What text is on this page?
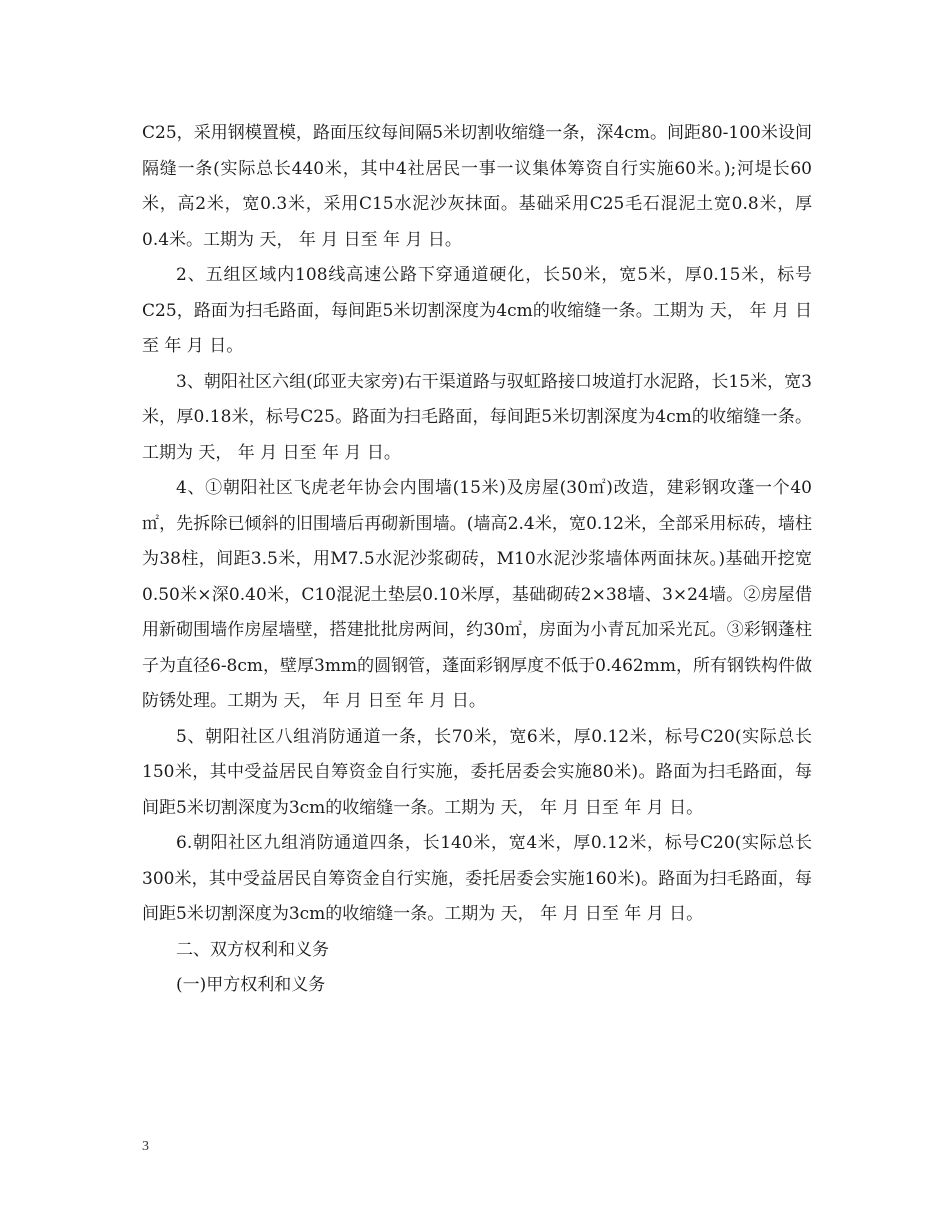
C25，采用钢模置模，路面压纹每间隔5米切割收缩缝一条，深4cm。间距80-100米设间隔缝一条(实际总长440米，其中4社居民一事一议集体筹资自行实施60米。);河堤长60米，高2米，宽0.3米，采用C15水泥沙灰抹面。基础采用C25毛石混泥土宽0.8米，厚0.4米。工期为 天， 年 月 日至 年 月 日。

2、五组区域内108线高速公路下穿通道硬化，长50米，宽5米，厚0.15米，标号C25，路面为扫毛路面，每间距5米切割深度为4cm的收缩缝一条。工期为 天， 年 月 日至 年 月 日。

3、朝阳社区六组(邱亚夫家旁)右干渠道路与驭虹路接口坡道打水泥路，长15米，宽3米，厚0.18米，标号C25。路面为扫毛路面，每间距5米切割深度为4cm的收缩缝一条。工期为 天， 年 月 日至 年 月 日。

4、①朝阳社区飞虎老年协会内围墙(15米)及房屋(30㎡)改造，建彩钢攻蓬一个40㎡，先拆除已倾斜的旧围墙后再砌新围墙。(墙高2.4米，宽0.12米，全部采用标砖，墙柱为38柱，间距3.5米，用M7.5水泥沙浆砌砖，M10水泥沙浆墙体两面抹灰。)基础开挖宽0.50米×深0.40米，C10混泥土垫层0.10米厚，基础砌砖2×38墙、3×24墙。②房屋借用新砌围墙作房屋墙壁，搭建批批房两间，约30㎡，房面为小青瓦加采光瓦。③彩钢蓬柱子为直径6-8cm，壁厚3mm的圆钢管，蓬面彩钢厚度不低于0.462mm，所有钢铁构件做防锈处理。工期为 天， 年 月 日至 年 月 日。

5、朝阳社区八组消防通道一条，长70米，宽6米，厚0.12米，标号C20(实际总长150米，其中受益居民自筹资金自行实施，委托居委会实施80米)。路面为扫毛路面，每间距5米切割深度为3cm的收缩缝一条。工期为 天， 年 月 日至 年 月 日。

6.朝阳社区九组消防通道四条，长140米，宽4米，厚0.12米，标号C20(实际总长300米，其中受益居民自筹资金自行实施，委托居委会实施160米)。路面为扫毛路面，每间距5米切割深度为3cm的收缩缝一条。工期为 天， 年 月 日至 年 月 日。

二、双方权利和义务

(一)甲方权利和义务

3
